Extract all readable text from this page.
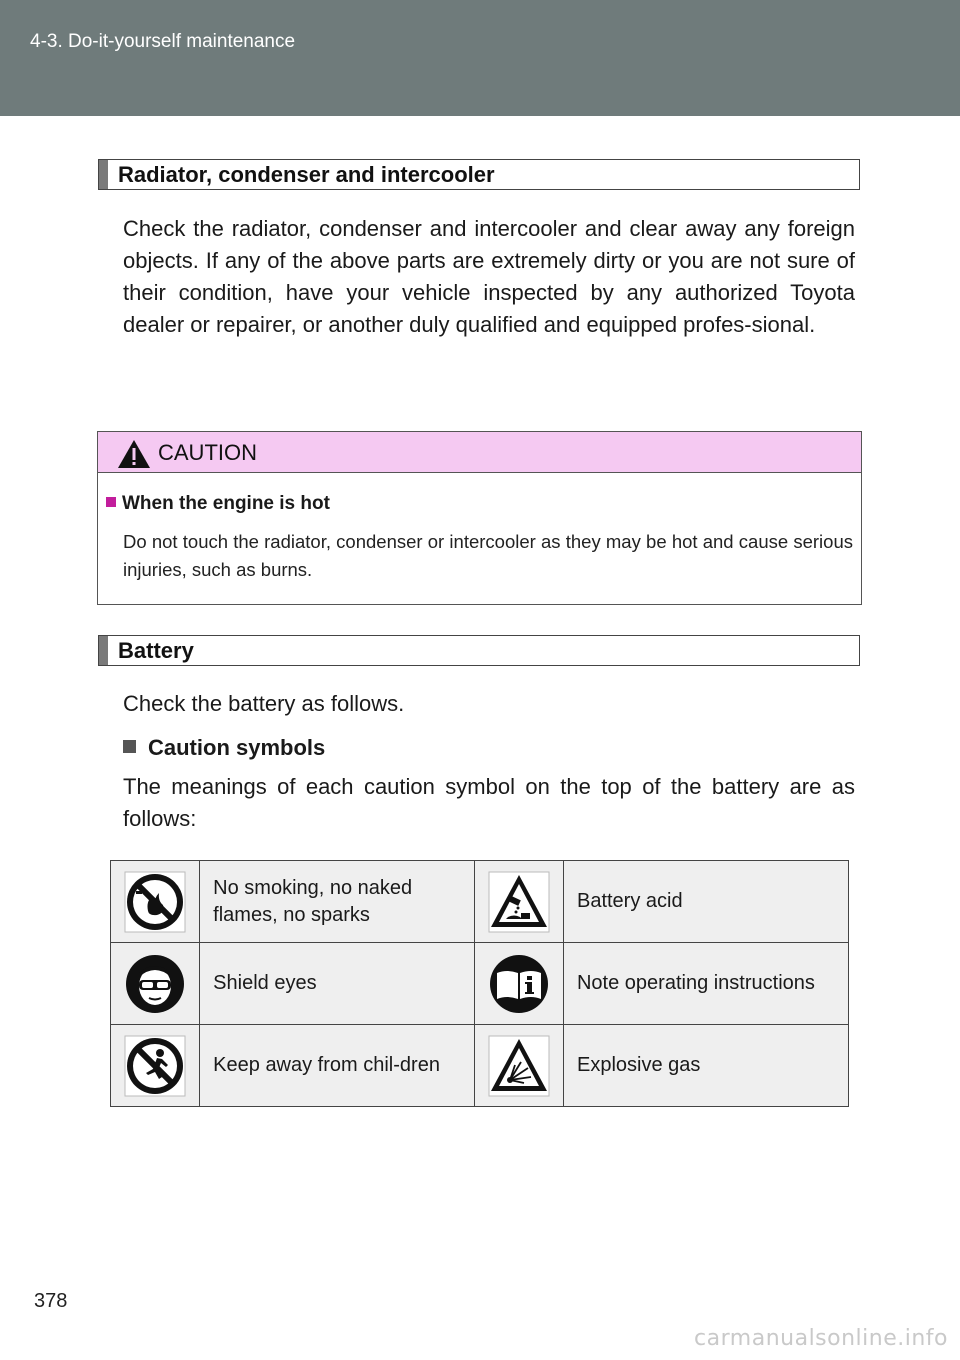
4-3. Do-it-yourself maintenance
Radiator, condenser and intercooler
Check the radiator, condenser and intercooler and clear away any foreign objects. If any of the above parts are extremely dirty or you are not sure of their condition, have your vehicle inspected by any authorized Toyota dealer or repairer, or another duly qualified and equipped profes-sional.
CAUTION
When the engine is hot
Do not touch the radiator, condenser or intercooler as they may be hot and cause serious injuries, such as burns.
Battery
Check the battery as follows.
Caution symbols
The meanings of each caution symbol on the top of the battery are as follows:
	No smoking, no naked flames, no sparks		Battery acid

	Shield eyes		Note operating instructions

	Keep away from chil-dren		Explosive gas
378
carmanualsonline.info
